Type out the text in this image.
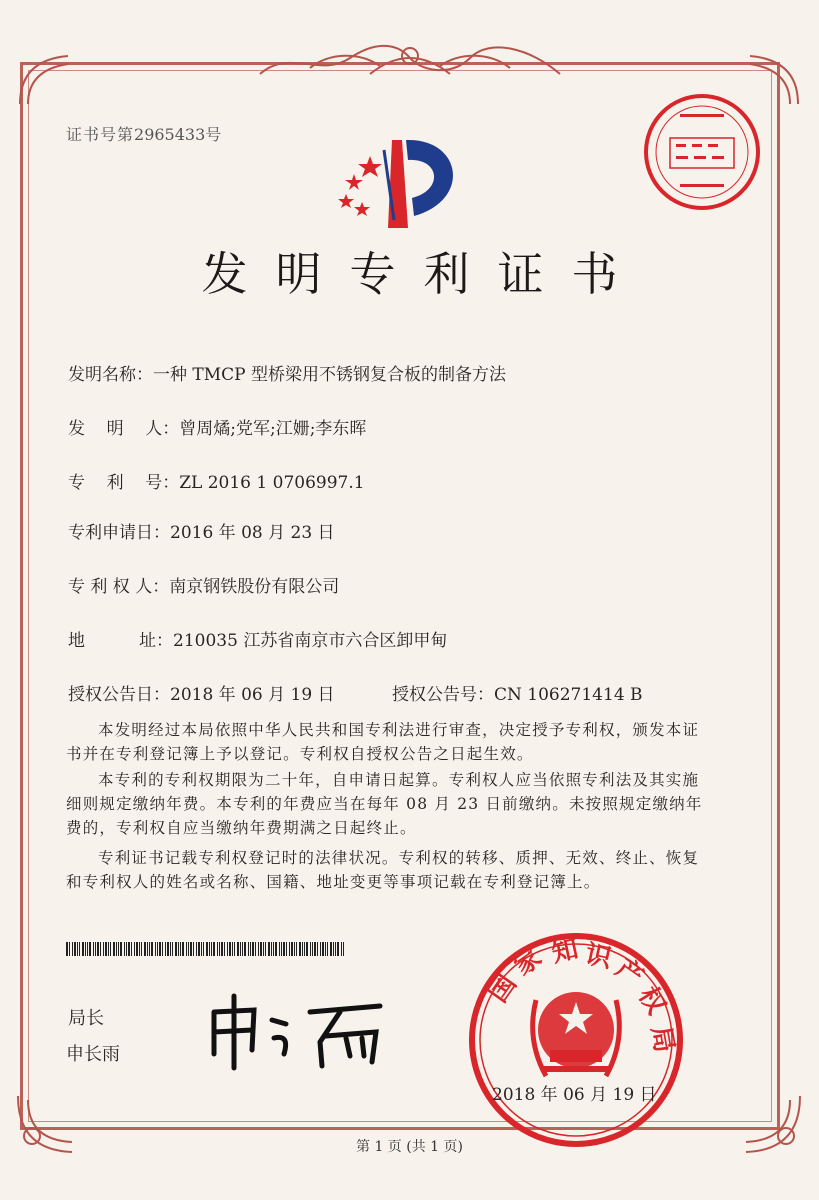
证书号第2965433号
发明专利证书
发明名称：一种 TMCP 型桥梁用不锈钢复合板的制备方法
发    明    人：曾周燏;党军;江姗;李东晖
专    利    号：ZL 2016 1 0706997.1
专利申请日：2016 年 08 月 23 日
专 利 权 人：南京钢铁股份有限公司
地          址：210035 江苏省南京市六合区卸甲甸
授权公告日：2018 年 06 月 19 日	授权公告号：CN 106271414 B
本发明经过本局依照中华人民共和国专利法进行审查，决定授予专利权，颁发本证书并在专利登记簿上予以登记。专利权自授权公告之日起生效。
本专利的专利权期限为二十年，自申请日起算。专利权人应当依照专利法及其实施细则规定缴纳年费。本专利的年费应当在每年 08 月 23 日前缴纳。未按照规定缴纳年费的，专利权自应当缴纳年费期满之日起终止。
专利证书记载专利权登记时的法律状况。专利权的转移、质押、无效、终止、恢复和专利权人的姓名或名称、国籍、地址变更等事项记载在专利登记簿上。
局长
申长雨
国
家 知 识
产
权
局
2018 年 06 月 19 日
第 1 页 (共 1 页)
